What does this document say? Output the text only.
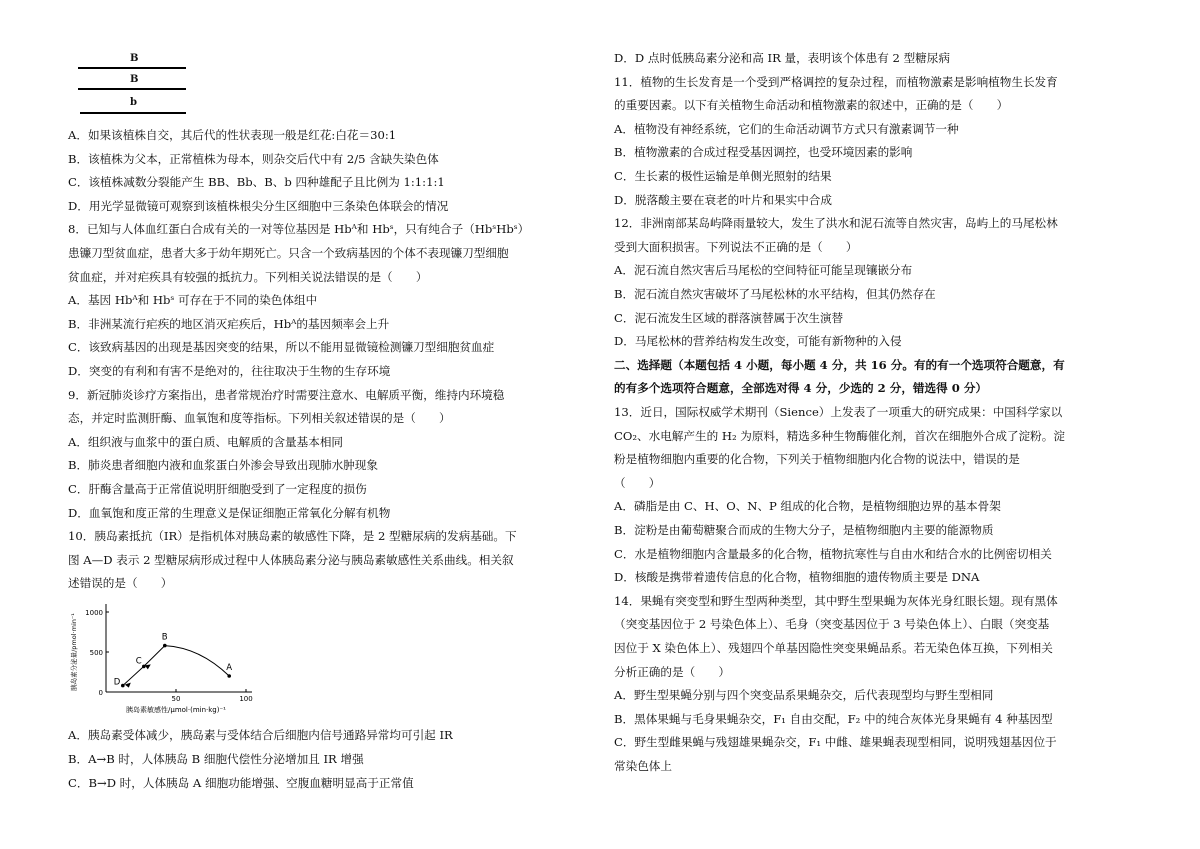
B
B
b
A．如果该植株自交，其后代的性状表现一般是红花:白花＝30:1
B．该植株为父本，正常植株为母本，则杂交后代中有 2/5 含缺失染色体
C．该植株减数分裂能产生 BB、Bb、B、b 四种雄配子且比例为 1:1:1:1
D．用光学显微镜可观察到该植株根尖分生区细胞中三条染色体联会的情况
8．已知与人体血红蛋白合成有关的一对等位基因是 Hbᴬ和 Hbˢ，只有纯合子（HbˢHbˢ）
患镰刀型贫血症，患者大多于幼年期死亡。只含一个致病基因的个体不表现镰刀型细胞
贫血症，并对疟疾具有较强的抵抗力。下列相关说法错误的是（　　）
A．基因 Hbᴬ和 Hbˢ 可存在于不同的染色体组中
B．非洲某流行疟疾的地区消灭疟疾后，Hbᴬ的基因频率会上升
C．该致病基因的出现是基因突变的结果，所以不能用显微镜检测镰刀型细胞贫血症
D．突变的有利和有害不是绝对的，往往取决于生物的生存环境
9．新冠肺炎诊疗方案指出，患者常规治疗时需要注意水、电解质平衡，维持内环境稳
态，并定时监测肝酶、血氧饱和度等指标。下列相关叙述错误的是（　　）
A．组织液与血浆中的蛋白质、电解质的含量基本相同
B．肺炎患者细胞内液和血浆蛋白外渗会导致出现肺水肿现象
C．肝酶含量高于正常值说明肝细胞受到了一定程度的损伤
D．血氧饱和度正常的生理意义是保证细胞正常氧化分解有机物
10．胰岛素抵抗（IR）是指机体对胰岛素的敏感性下降，是 2 型糖尿病的发病基础。下
图 A—D 表示 2 型糖尿病形成过程中人体胰岛素分泌与胰岛素敏感性关系曲线。相关叙
述错误的是（　　）
0
500
1000
50	100
胰岛素分泌量/pmol·min⁻¹
胰岛素敏感性/μmol·(min·kg)⁻¹
D
C
B
A
A．胰岛素受体减少，胰岛素与受体结合后细胞内信号通路异常均可引起 IR
B．A→B 时，人体胰岛 B 细胞代偿性分泌增加且 IR 增强
C．B→D 时，人体胰岛 A 细胞功能增强、空腹血糖明显高于正常值
D．D 点时低胰岛素分泌和高 IR 量，表明该个体患有 2 型糖尿病
11．植物的生长发育是一个受到严格调控的复杂过程，而植物激素是影响植物生长发育
的重要因素。以下有关植物生命活动和植物激素的叙述中，正确的是（　　）
A．植物没有神经系统，它们的生命活动调节方式只有激素调节一种
B．植物激素的合成过程受基因调控，也受环境因素的影响
C．生长素的极性运输是单侧光照射的结果
D．脱落酸主要在衰老的叶片和果实中合成
12．非洲南部某岛屿降雨量较大，发生了洪水和泥石流等自然灾害，岛屿上的马尾松林
受到大面积损害。下列说法不正确的是（　　）
A．泥石流自然灾害后马尾松的空间特征可能呈现镶嵌分布
B．泥石流自然灾害破坏了马尾松林的水平结构，但其仍然存在
C．泥石流发生区域的群落演替属于次生演替
D．马尾松林的营养结构发生改变，可能有新物种的入侵
二、选择题（本题包括 4 小题，每小题 4 分，共 16 分。有的有一个选项符合题意，有
的有多个选项符合题意，全部选对得 4 分，少选的 2 分，错选得 0 分）
13．近日，国际权威学术期刊（Sience）上发表了一项重大的研究成果：中国科学家以
CO₂、水电解产生的 H₂ 为原料，精选多种生物酶催化剂，首次在细胞外合成了淀粉。淀
粉是植物细胞内重要的化合物，下列关于植物细胞内化合物的说法中，错误的是
（　　）
A．磷脂是由 C、H、O、N、P 组成的化合物，是植物细胞边界的基本骨架
B．淀粉是由葡萄糖聚合而成的生物大分子，是植物细胞内主要的能源物质
C．水是植物细胞内含量最多的化合物，植物抗寒性与自由水和结合水的比例密切相关
D．核酸是携带着遗传信息的化合物，植物细胞的遗传物质主要是 DNA
14．果蝇有突变型和野生型两种类型，其中野生型果蝇为灰体光身红眼长翅。现有黑体
（突变基因位于 2 号染色体上）、毛身（突变基因位于 3 号染色体上）、白眼（突变基
因位于 X 染色体上）、残翅四个单基因隐性突变果蝇品系。若无染色体互换，下列相关
分析正确的是（　　）
A．野生型果蝇分别与四个突变品系果蝇杂交，后代表现型均与野生型相同
B．黑体果蝇与毛身果蝇杂交，F₁ 自由交配，F₂ 中的纯合灰体光身果蝇有 4 种基因型
C．野生型雌果蝇与残翅雄果蝇杂交，F₁ 中雌、雄果蝇表现型相同，说明残翅基因位于
常染色体上
